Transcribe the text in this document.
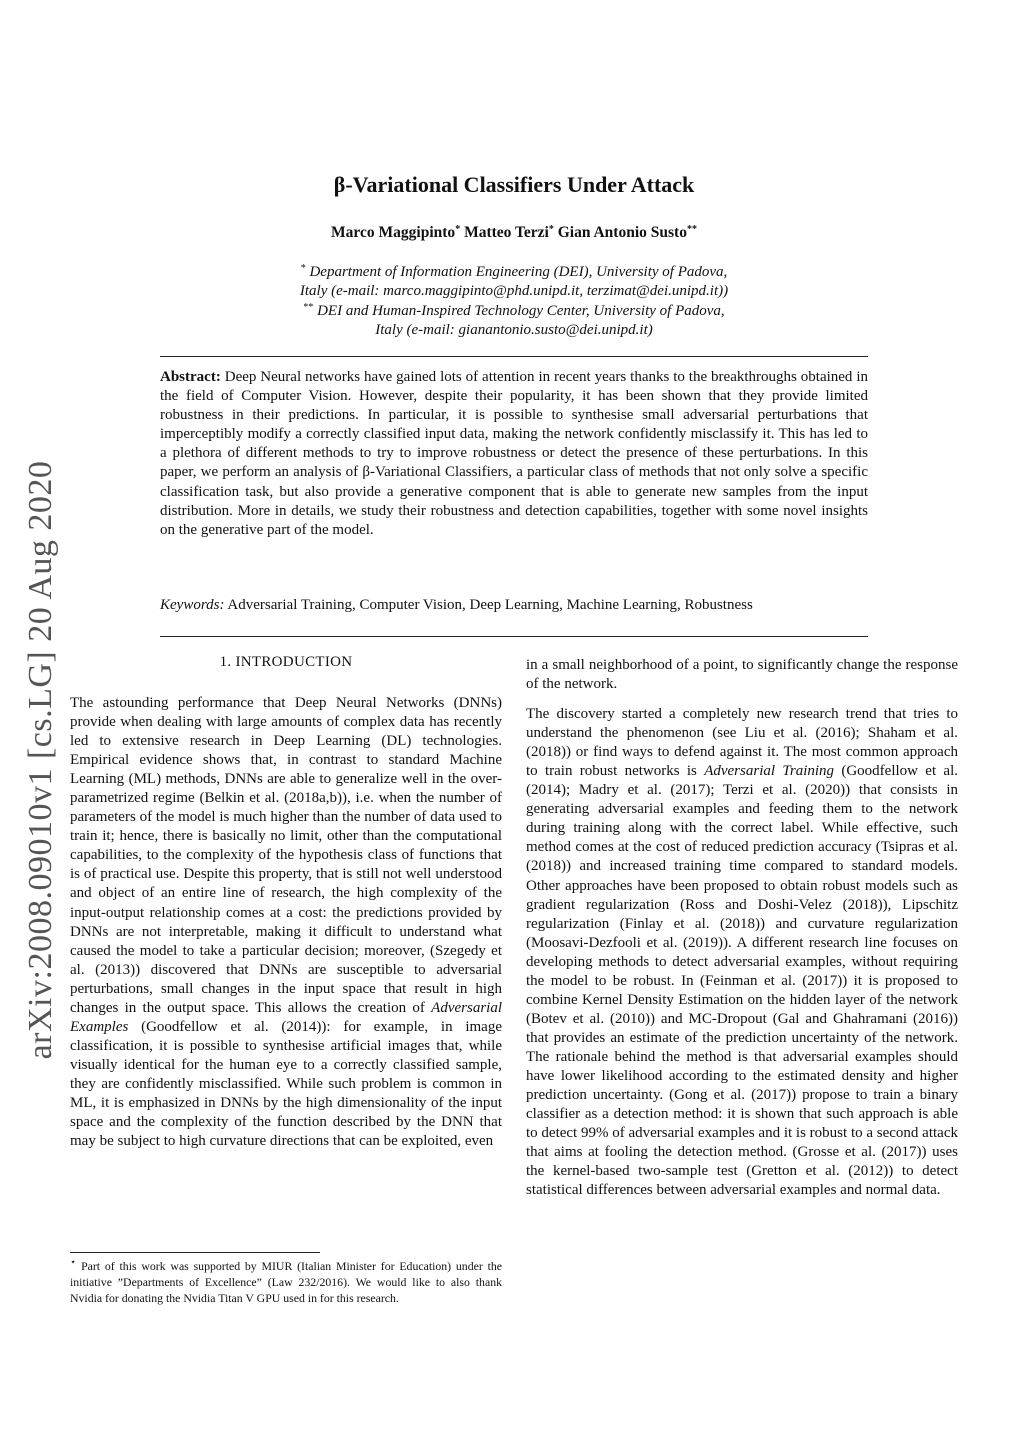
arXiv:2008.09010v1 [cs.LG] 20 Aug 2020
β-Variational Classifiers Under Attack
Marco Maggipinto* Matteo Terzi* Gian Antonio Susto**
* Department of Information Engineering (DEI), University of Padova,
Italy (e-mail: marco.maggipinto@phd.unipd.it, terzimat@dei.unipd.it))
** DEI and Human-Inspired Technology Center, University of Padova,
Italy (e-mail: gianantonio.susto@dei.unipd.it)
Abstract: Deep Neural networks have gained lots of attention in recent years thanks to the breakthroughs obtained in the field of Computer Vision. However, despite their popularity, it has been shown that they provide limited robustness in their predictions. In particular, it is possible to synthesise small adversarial perturbations that imperceptibly modify a correctly classified input data, making the network confidently misclassify it. This has led to a plethora of different methods to try to improve robustness or detect the presence of these perturbations. In this paper, we perform an analysis of β-Variational Classifiers, a particular class of methods that not only solve a specific classification task, but also provide a generative component that is able to generate new samples from the input distribution. More in details, we study their robustness and detection capabilities, together with some novel insights on the generative part of the model.
Keywords: Adversarial Training, Computer Vision, Deep Learning, Machine Learning, Robustness
1. INTRODUCTION

The astounding performance that Deep Neural Networks (DNNs) provide when dealing with large amounts of complex data has recently led to extensive research in Deep Learning (DL) technologies. Empirical evidence shows that, in contrast to standard Machine Learning (ML) methods, DNNs are able to generalize well in the over-parametrized regime (Belkin et al. (2018a,b)), i.e. when the number of parameters of the model is much higher than the number of data used to train it; hence, there is basically no limit, other than the computational capabilities, to the complexity of the hypothesis class of functions that is of practical use. Despite this property, that is still not well understood and object of an entire line of research, the high complexity of the input-output relationship comes at a cost: the predictions provided by DNNs are not interpretable, making it difficult to understand what caused the model to take a particular decision; moreover, (Szegedy et al. (2013)) discovered that DNNs are susceptible to adversarial perturbations, small changes in the input space that result in high changes in the output space. This allows the creation of Adversarial Examples (Goodfellow et al. (2014)): for example, in image classification, it is possible to synthesise artificial images that, while visually identical for the human eye to a correctly classified sample, they are confidently misclassified. While such problem is common in ML, it is emphasized in DNNs by the high dimensionality of the input space and the complexity of the function described by the DNN that may be subject to high curvature directions that can be exploited, even

⋆ Part of this work was supported by MIUR (Italian Minister for Education) under the initiative ”Departments of Excellence” (Law 232/2016). We would like to also thank Nvidia for donating the Nvidia Titan V GPU used in for this research.

in a small neighborhood of a point, to significantly change the response of the network.

The discovery started a completely new research trend that tries to understand the phenomenon (see Liu et al. (2016); Shaham et al. (2018)) or find ways to defend against it. The most common approach to train robust networks is Adversarial Training (Goodfellow et al. (2014); Madry et al. (2017); Terzi et al. (2020)) that consists in generating adversarial examples and feeding them to the network during training along with the correct label. While effective, such method comes at the cost of reduced prediction accuracy (Tsipras et al. (2018)) and increased training time compared to standard models. Other approaches have been proposed to obtain robust models such as gradient regularization (Ross and Doshi-Velez (2018)), Lipschitz regularization (Finlay et al. (2018)) and curvature regularization (Moosavi-Dezfooli et al. (2019)). A different research line focuses on developing methods to detect adversarial examples, without requiring the model to be robust. In (Feinman et al. (2017)) it is proposed to combine Kernel Density Estimation on the hidden layer of the network (Botev et al. (2010)) and MC-Dropout (Gal and Ghahramani (2016)) that provides an estimate of the prediction uncertainty of the network. The rationale behind the method is that adversarial examples should have lower likelihood according to the estimated density and higher prediction uncertainty. (Gong et al. (2017)) propose to train a binary classifier as a detection method: it is shown that such approach is able to detect 99% of adversarial examples and it is robust to a second attack that aims at fooling the detection method. (Grosse et al. (2017)) uses the kernel-based two-sample test (Gretton et al. (2012)) to detect statistical differences between adversarial examples and normal data.
